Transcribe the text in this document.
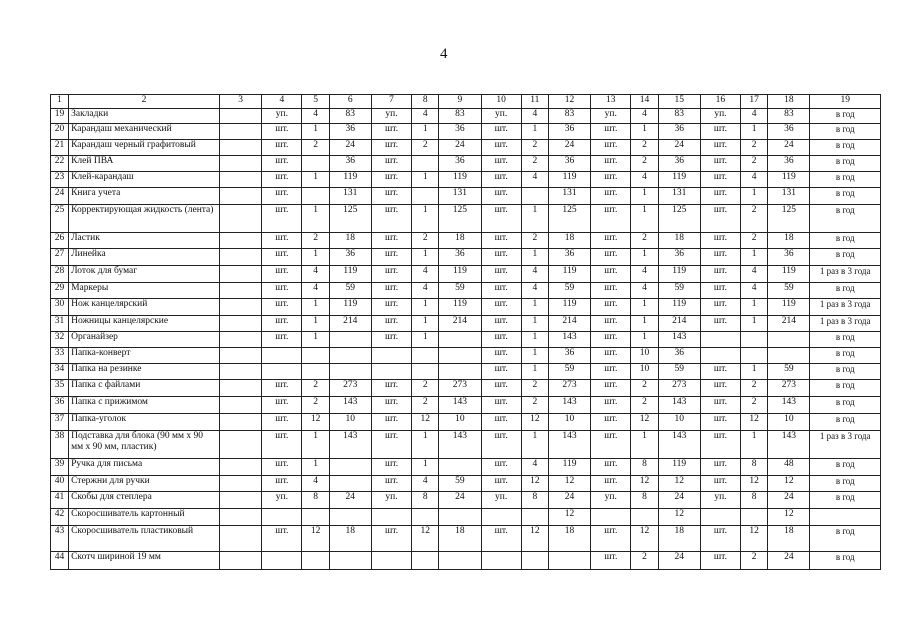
4
1	2	3	4	5	6	7	8	9	10	11	12	13	14	15	16	17	18	19
19	Закладки		уп.	4	83	уп.	4	83	уп.	4	83	уп.	4	83	уп.	4	83	в год
20	Карандаш механический		шт.	1	36	шт.	1	36	шт.	1	36	шт.	1	36	шт.	1	36	в год
21	Карандаш черный графитовый		шт.	2	24	шт.	2	24	шт.	2	24	шт.	2	24	шт.	2	24	в год
22	Клей ПВА		шт.		36	шт.		36	шт.	2	36	шт.	2	36	шт.	2	36	в год
23	Клей-карандаш		шт.	1	119	шт.	1	119	шт.	4	119	шт.	4	119	шт.	4	119	в год
24	Книга учета		шт.		131	шт.		131	шт.		131	шт.	1	131	шт.	1	131	в год
25	Корректирующая жидкость (лента)		шт.	1	125	шт.	1	125	шт.	1	125	шт.	1	125	шт.	2	125	в год
26	Ластик		шт.	2	18	шт.	2	18	шт.	2	18	шт.	2	18	шт.	2	18	в год
27	Линейка		шт.	1	36	шт.	1	36	шт.	1	36	шт.	1	36	шт.	1	36	в год
28	Лоток для бумаг		шт.	4	119	шт.	4	119	шт.	4	119	шт.	4	119	шт.	4	119	1 раз в 3 года
29	Маркеры		шт.	4	59	шт.	4	59	шт.	4	59	шт.	4	59	шт.	4	59	в год
30	Нож канцелярский		шт.	1	119	шт.	1	119	шт.	1	119	шт.	1	119	шт.	1	119	1 раз в 3 года
31	Ножницы канцелярские		шт.	1	214	шт.	1	214	шт.	1	214	шт.	1	214	шт.	1	214	1 раз в 3 года
32	Органайзер		шт.	1		шт.	1		шт.	1	143	шт.	1	143				в год
33	Папка-конверт								шт.	1	36	шт.	10	36				в год
34	Папка на резинке								шт.	1	59	шт.	10	59	шт.	1	59	в год
35	Папка с файлами		шт.	2	273	шт.	2	273	шт.	2	273	шт.	2	273	шт.	2	273	в год
36	Папка с прижимом		шт.	2	143	шт.	2	143	шт.	2	143	шт.	2	143	шт.	2	143	в год
37	Папка-уголок		шт.	12	10	шт.	12	10	шт.	12	10	шт.	12	10	шт.	12	10	в год
38	Подставка для блока (90 мм х 90 мм х 90 мм, пластик)		шт.	1	143	шт.	1	143	шт.	1	143	шт.	1	143	шт.	1	143	1 раз в 3 года
39	Ручка для письма		шт.	1		шт.	1		шт.	4	119	шт.	8	119	шт.	8	48	в год
40	Стержни для ручки		шт.	4		шт.	4	59	шт.	12	12	шт.	12	12	шт.	12	12	в год
41	Скобы для степлера		уп.	8	24	уп.	8	24	уп.	8	24	уп.	8	24	уп.	8	24	в год
42	Скоросшиватель картонный										12			12			12	
43	Скоросшиватель пластиковый		шт.	12	18	шт.	12	18	шт.	12	18	шт.	12	18	шт.	12	18	в год
44	Скотч шириной 19 мм											шт.	2	24	шт.	2	24	в год
